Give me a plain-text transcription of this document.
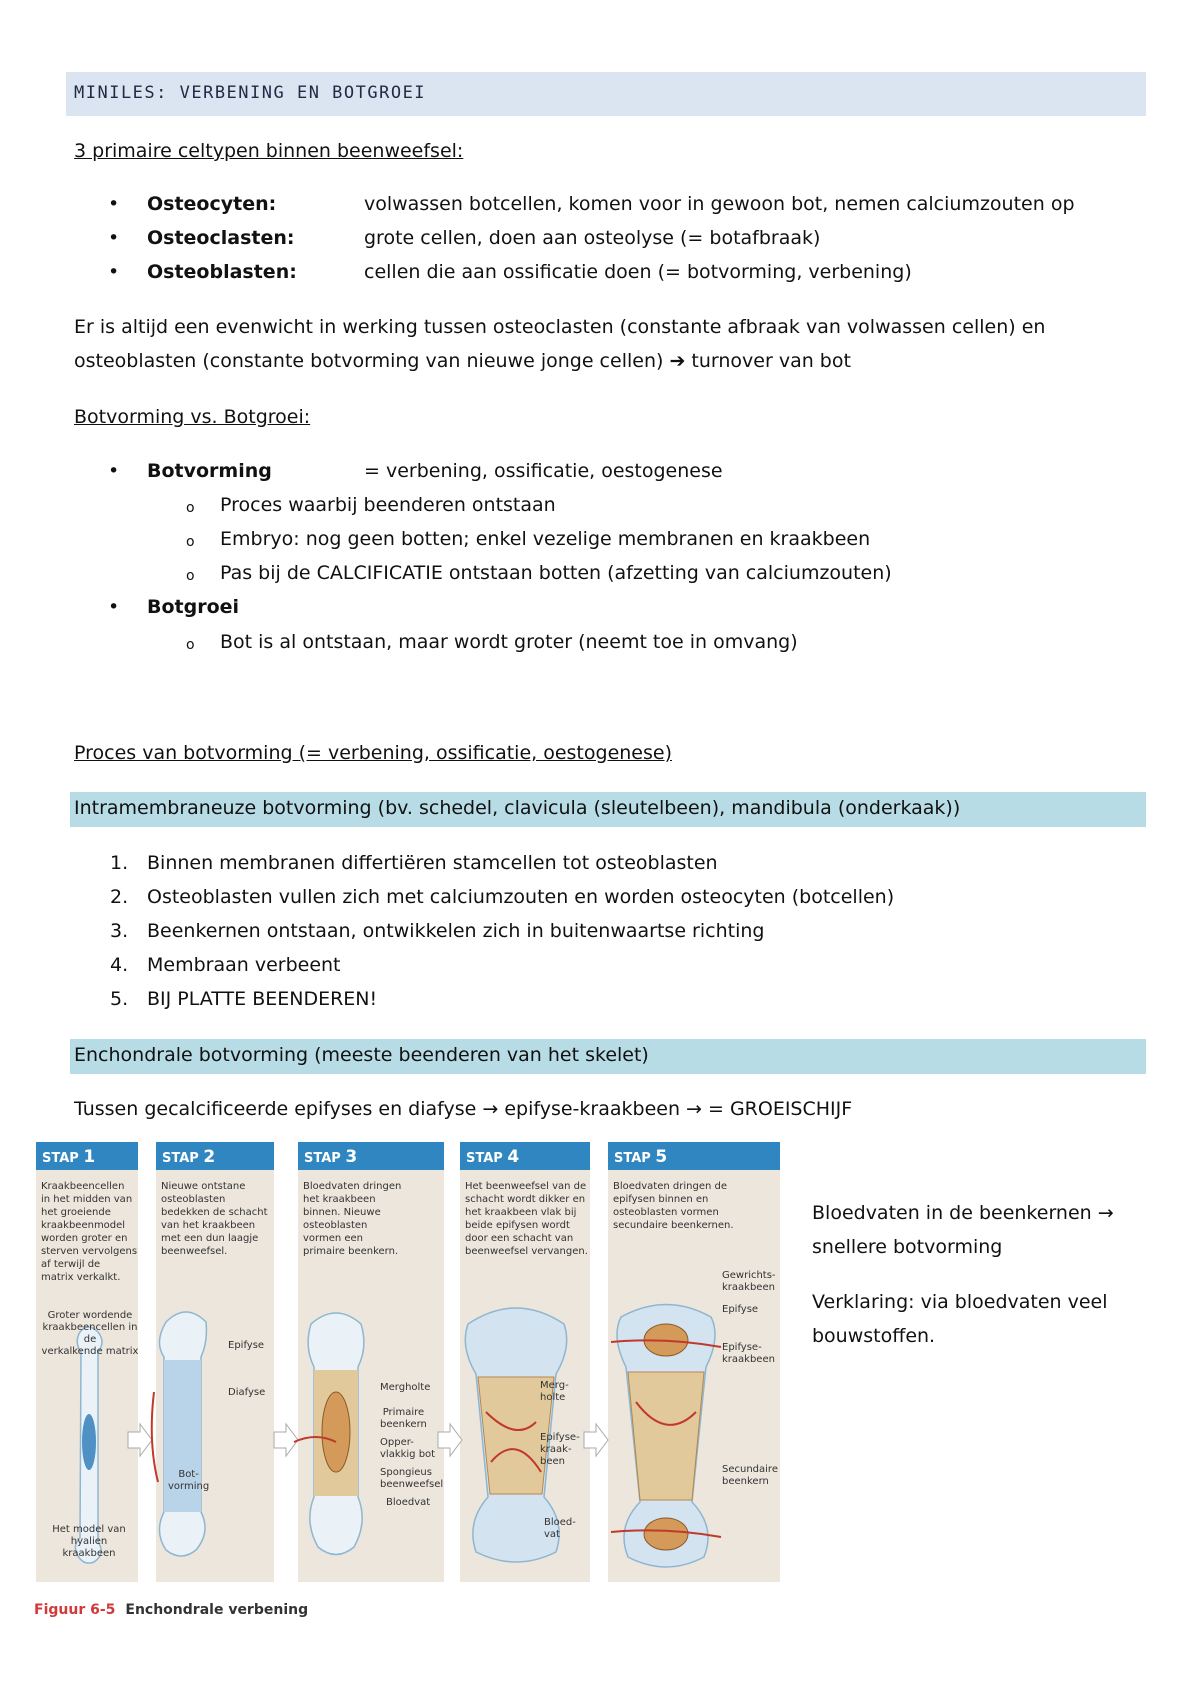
MINILES: VERBENING EN BOTGROEI
3 primaire celtypen binnen beenweefsel:
• Osteocyten:	volwassen botcellen, komen voor in gewoon bot, nemen calciumzouten op
• Osteoclasten:	grote cellen, doen aan osteolyse (= botafbraak)
• Osteoblasten:	cellen die aan ossificatie doen (= botvorming, verbening)
Er is altijd een evenwicht in werking tussen osteoclasten (constante afbraak van volwassen cellen) en
osteoblasten (constante botvorming van nieuwe jonge cellen) ➔ turnover van bot
Botvorming vs. Botgroei:
• Botvorming	= verbening, ossificatie, oestogenese
o Proces waarbij beenderen ontstaan
o Embryo: nog geen botten; enkel vezelige membranen en kraakbeen
o Pas bij de CALCIFICATIE ontstaan botten (afzetting van calciumzouten)
• Botgroei
o Bot is al ontstaan, maar wordt groter (neemt toe in omvang)
Proces van botvorming (= verbening, ossificatie, oestogenese)
Intramembraneuze botvorming (bv. schedel, clavicula (sleutelbeen), mandibula (onderkaak))
1. Binnen membranen differtiëren stamcellen tot osteoblasten
2. Osteoblasten vullen zich met calciumzouten en worden osteocyten (botcellen)
3. Beenkernen ontstaan, ontwikkelen zich in buitenwaartse richting
4. Membraan verbeent
5. BIJ PLATTE BEENDEREN!
Enchondrale botvorming (meeste beenderen van het skelet)
Tussen gecalcificeerde epifyses en diafyse → epifyse-kraakbeen → = GROEISCHIJF
STAP 1
Kraakbeencellen
in het midden van
het groeiende
kraakbeenmodel
worden groter en
sterven vervolgens
af terwijl de
matrix verkalkt.
STAP 2
Nieuwe ontstane
osteoblasten
bedekken de schacht
van het kraakbeen
met een dun laagje
beenweefsel.
STAP 3
Bloedvaten dringen
het kraakbeen
binnen. Nieuwe
osteoblasten
vormen een
primaire beenkern.
STAP 4
Het beenweefsel van de
schacht wordt dikker en
het kraakbeen vlak bij
beide epifysen wordt
door een schacht van
beenweefsel vervangen.
STAP 5
Bloedvaten dringen de
epifysen binnen en
osteoblasten vormen
secundaire beenkernen.
Groter wordende
kraakbeencellen in de
verkalkende matrix
Het model van
hyalien
kraakbeen
Epifyse
Diafyse
Bot-
vorming
Mergholte
Primaire
beenkern
Opper-
vlakkig bot
Spongieus
beenweefsel
Bloedvat
Merg-
holte
Epifyse-
kraak-
been
Bloed-
vat
Gewrichts-
kraakbeen
Epifyse
Epifyse-
kraakbeen
Secundaire
beenkern
Figuur 6-5 Enchondrale verbening
Bloedvaten in de beenkernen →
snellere botvorming
Verklaring: via bloedvaten veel
bouwstoffen.
